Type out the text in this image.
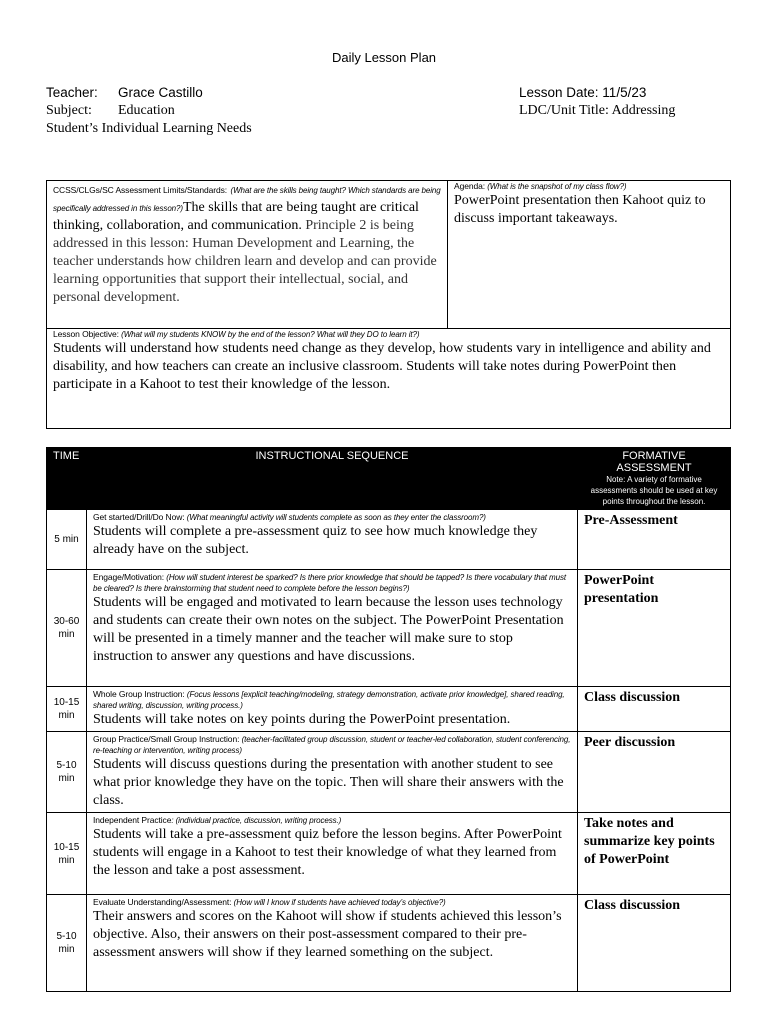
Daily Lesson Plan
Teacher:	Grace Castillo
Subject:	Education
Student’s Individual Learning Needs
Lesson Date: 11/5/23
LDC/Unit Title: Addressing
CCSS/CLGs/SC Assessment Limits/Standards: (What are the skills being taught? Which standards are being specifically addressed in this lesson?)The skills that are being taught are critical thinking, collaboration, and communication. Principle 2 is being addressed in this lesson: Human Development and Learning, the teacher understands how children learn and develop and can provide learning opportunities that support their intellectual, social, and personal development.

Agenda: (What is the snapshot of my class flow?)
PowerPoint presentation then Kahoot quiz to discuss important takeaways.

Lesson Objective: (What will my students KNOW by the end of the lesson? What will they DO to learn it?)
Students will understand how students need change as they develop, how students vary in intelligence and ability and disability, and how teachers can create an inclusive classroom. Students will take notes during PowerPoint then participate in a Kahoot to test their knowledge of the lesson.
TIME	INSTRUCTIONAL SEQUENCE	FORMATIVE ASSESSMENT
Note: A variety of formative assessments should be used at key points throughout the lesson.

5 min	Get started/Drill/Do Now: (What meaningful activity will students complete as soon as they enter the classroom?)
Students will complete a pre-assessment quiz to see how much knowledge they already have on the subject.	Pre-Assessment
30-60 min	Engage/Motivation: (How will student interest be sparked? Is there prior knowledge that should be tapped? Is there vocabulary that must be cleared? Is there brainstorming that student need to complete before the lesson begins?)
Students will be engaged and motivated to learn because the lesson uses technology and students can create their own notes on the subject. The PowerPoint Presentation will be presented in a timely manner and the teacher will make sure to stop instruction to answer any questions and have discussions.	PowerPoint presentation
10-15 min	Whole Group Instruction: (Focus lessons [explicit teaching/modeling, strategy demonstration, activate prior knowledge], shared reading, shared writing, discussion, writing process.)
Students will take notes on key points during the PowerPoint presentation.	Class discussion
5-10 min	Group Practice/Small Group Instruction: (teacher-facilitated group discussion, student or teacher-led collaboration, student conferencing, re-teaching or intervention, writing process)
Students will discuss questions during the presentation with another student to see what prior knowledge they have on the topic. Then will share their answers with the class.	Peer discussion
10-15 min	Independent Practice: (individual practice, discussion, writing process.)
Students will take a pre-assessment quiz before the lesson begins. After PowerPoint students will engage in a Kahoot to test their knowledge of what they learned from the lesson and take a post assessment.	Take notes and summarize key points of PowerPoint
5-10 min	Evaluate Understanding/Assessment: (How will I know if students have achieved today’s objective?)
Their answers and scores on the Kahoot will show if students achieved this lesson’s objective. Also, their answers on their post-assessment compared to their pre-assessment answers will show if they learned something on the subject.	Class discussion
